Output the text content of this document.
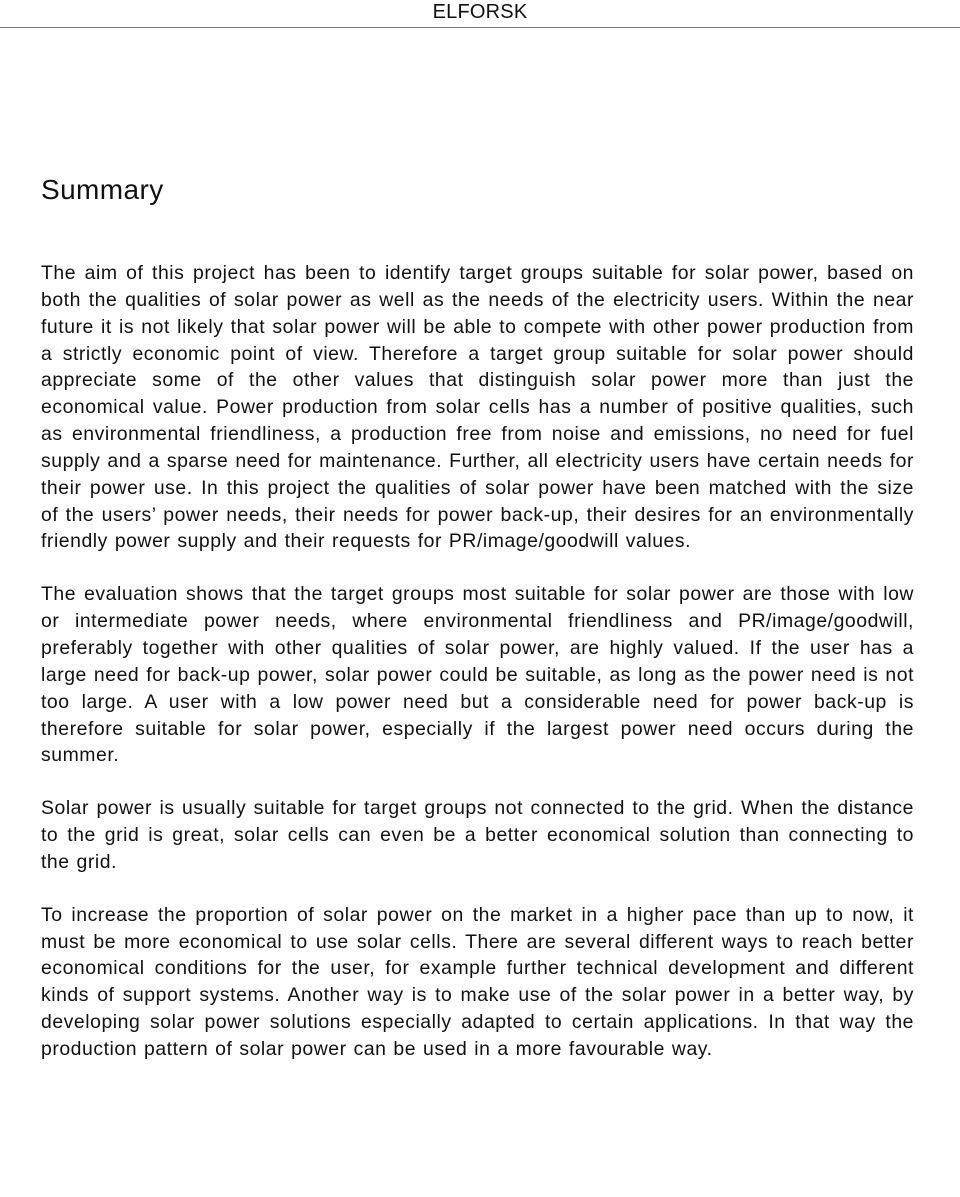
ELFORSK
Summary

The aim of this project has been to identify target groups suitable for solar power, based on both the qualities of solar power as well as the needs of the electricity users. Within the near future it is not likely that solar power will be able to compete with other power production from a strictly economic point of view. Therefore a target group suitable for solar power should appreciate some of the other values that distinguish solar power more than just the economical value. Power production from solar cells has a number of positive qualities, such as environmental friendliness, a production free from noise and emissions, no need for fuel supply and a sparse need for maintenance. Further, all electricity users have certain needs for their power use. In this project the qualities of solar power have been matched with the size of the users’ power needs, their needs for power back-up, their desires for an environmentally friendly power supply and their requests for PR/image/goodwill values.

The evaluation shows that the target groups most suitable for solar power are those with low or intermediate power needs, where environmental friendliness and PR/image/goodwill, preferably together with other qualities of solar power, are highly valued. If the user has a large need for back-up power, solar power could be suitable, as long as the power need is not too large. A user with a low power need but a considerable need for power back-up is therefore suitable for solar power, especially if the largest power need occurs during the summer.

Solar power is usually suitable for target groups not connected to the grid. When the distance to the grid is great, solar cells can even be a better economical solution than connecting to the grid.

To increase the proportion of solar power on the market in a higher pace than up to now, it must be more economical to use solar cells. There are several different ways to reach better economical conditions for the user, for example further technical development and different kinds of support systems. Another way is to make use of the solar power in a better way, by developing solar power solutions especially adapted to certain applications. In that way the production pattern of solar power can be used in a more favourable way.
